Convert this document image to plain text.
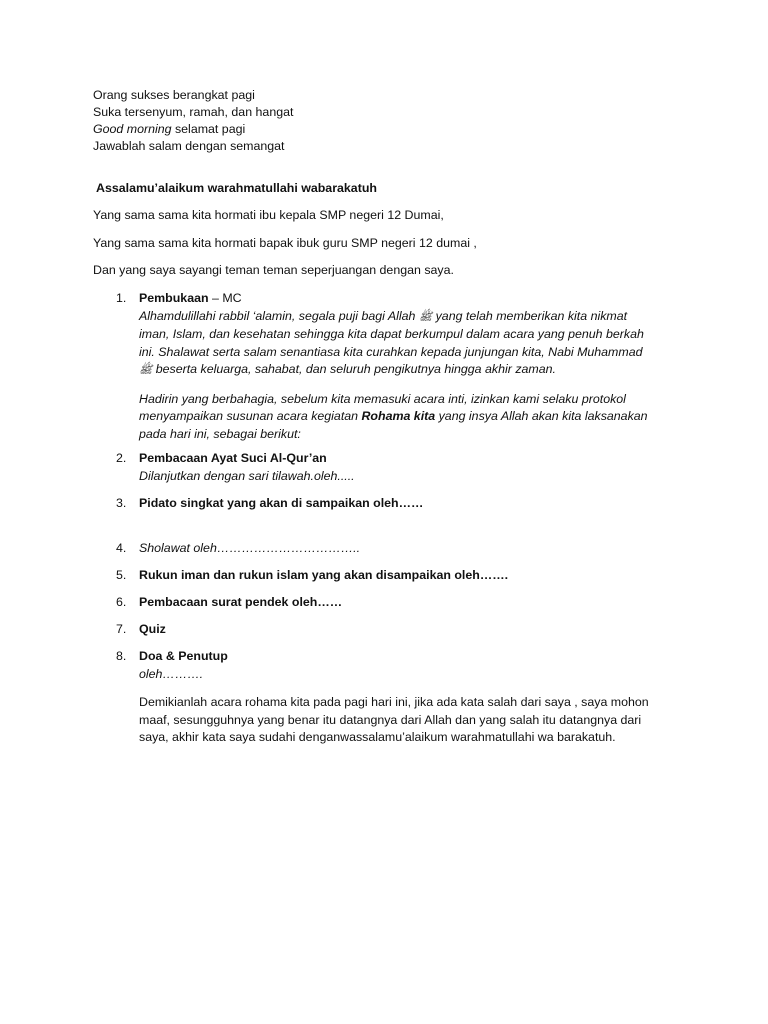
Orang sukses berangkat pagi
Suka tersenyum, ramah, dan hangat
Good morning selamat pagi
Jawablah salam dengan semangat
Assalamu’alaikum warahmatullahi wabarakatuh
Yang sama sama kita hormati ibu kepala SMP negeri 12 Dumai,
Yang sama sama kita hormati bapak ibuk guru SMP negeri 12 dumai ,
Dan yang saya sayangi teman teman seperjuangan dengan saya.
1.	Pembukaan – MC
Alhamdulillahi rabbil ‘alamin, segala puji bagi Allah ﷺ yang telah memberikan kita nikmat
iman, Islam, dan kesehatan sehingga kita dapat berkumpul dalam acara yang penuh berkah
ini. Shalawat serta salam senantiasa kita curahkan kepada junjungan kita, Nabi Muhammad
ﷺ beserta keluarga, sahabat, dan seluruh pengikutnya hingga akhir zaman.
Hadirin yang berbahagia, sebelum kita memasuki acara inti, izinkan kami selaku protokol
menyampaikan susunan acara kegiatan Rohama kita yang insya Allah akan kita laksanakan
pada hari ini, sebagai berikut:
2.	Pembacaan Ayat Suci Al-Qur’an
Dilanjutkan dengan sari tilawah.oleh.....
3.	Pidato singkat yang akan di sampaikan oleh……
4.	Sholawat oleh……………………………..
5.	Rukun iman dan rukun islam yang akan disampaikan oleh…….
6.	Pembacaan surat pendek oleh……
7.	Quiz
8.	Doa & Penutup
oleh……….
Demikianlah acara rohama kita pada pagi hari ini, jika ada kata salah dari saya , saya mohon
maaf, sesungguhnya yang benar itu datangnya dari Allah dan yang salah itu datangnya dari
saya, akhir kata saya sudahi denganwassalamu’alaikum warahmatullahi wa barakatuh.
